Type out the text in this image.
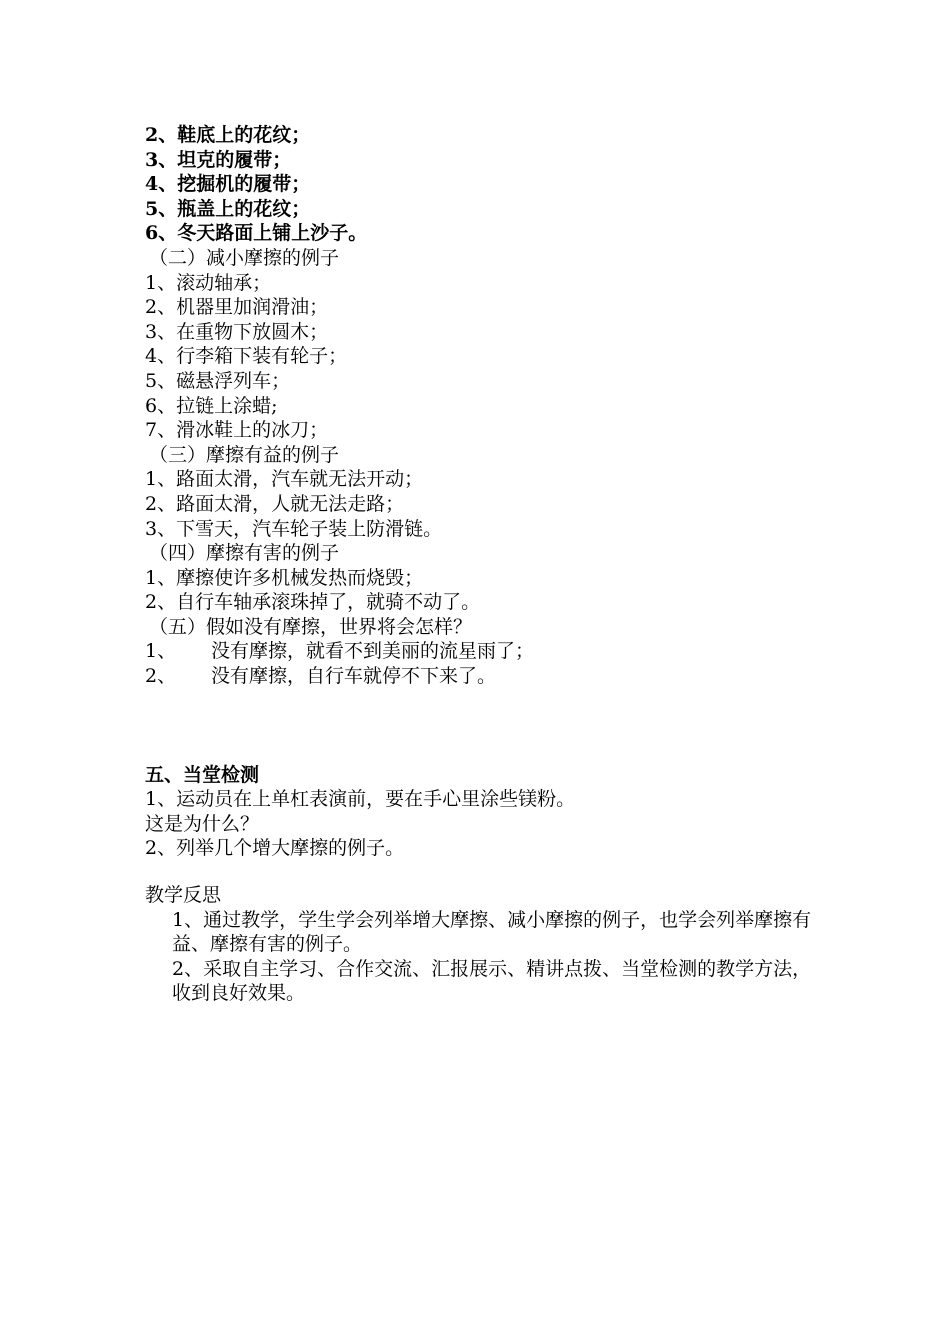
2、鞋底上的花纹；
3、坦克的履带；
4、挖掘机的履带；
5、瓶盖上的花纹；
6、冬天路面上铺上沙子。
（二）减小摩擦的例子
1、滚动轴承；
2、机器里加润滑油；
3、在重物下放圆木；
4、行李箱下装有轮子；
5、磁悬浮列车；
6、拉链上涂蜡;
7、滑冰鞋上的冰刀；
（三）摩擦有益的例子
1、路面太滑，汽车就无法开动；
2、路面太滑，人就无法走路；
3、下雪天，汽车轮子装上防滑链。
（四）摩擦有害的例子
1、摩擦使许多机械发热而烧毁；
2、自行车轴承滚珠掉了，就骑不动了。
（五）假如没有摩擦，世界将会怎样？
1、 没有摩擦，就看不到美丽的流星雨了；
2、 没有摩擦，自行车就停不下来了。
五、当堂检测
1、运动员在上单杠表演前，要在手心里涂些镁粉。
这是为什么？
2、列举几个增大摩擦的例子。
教学反思
1、通过教学，学生学会列举增大摩擦、减小摩擦的例子，也学会列举摩擦有益、摩擦有害的例子。
2、采取自主学习、合作交流、汇报展示、精讲点拨、当堂检测的教学方法，收到良好效果。
